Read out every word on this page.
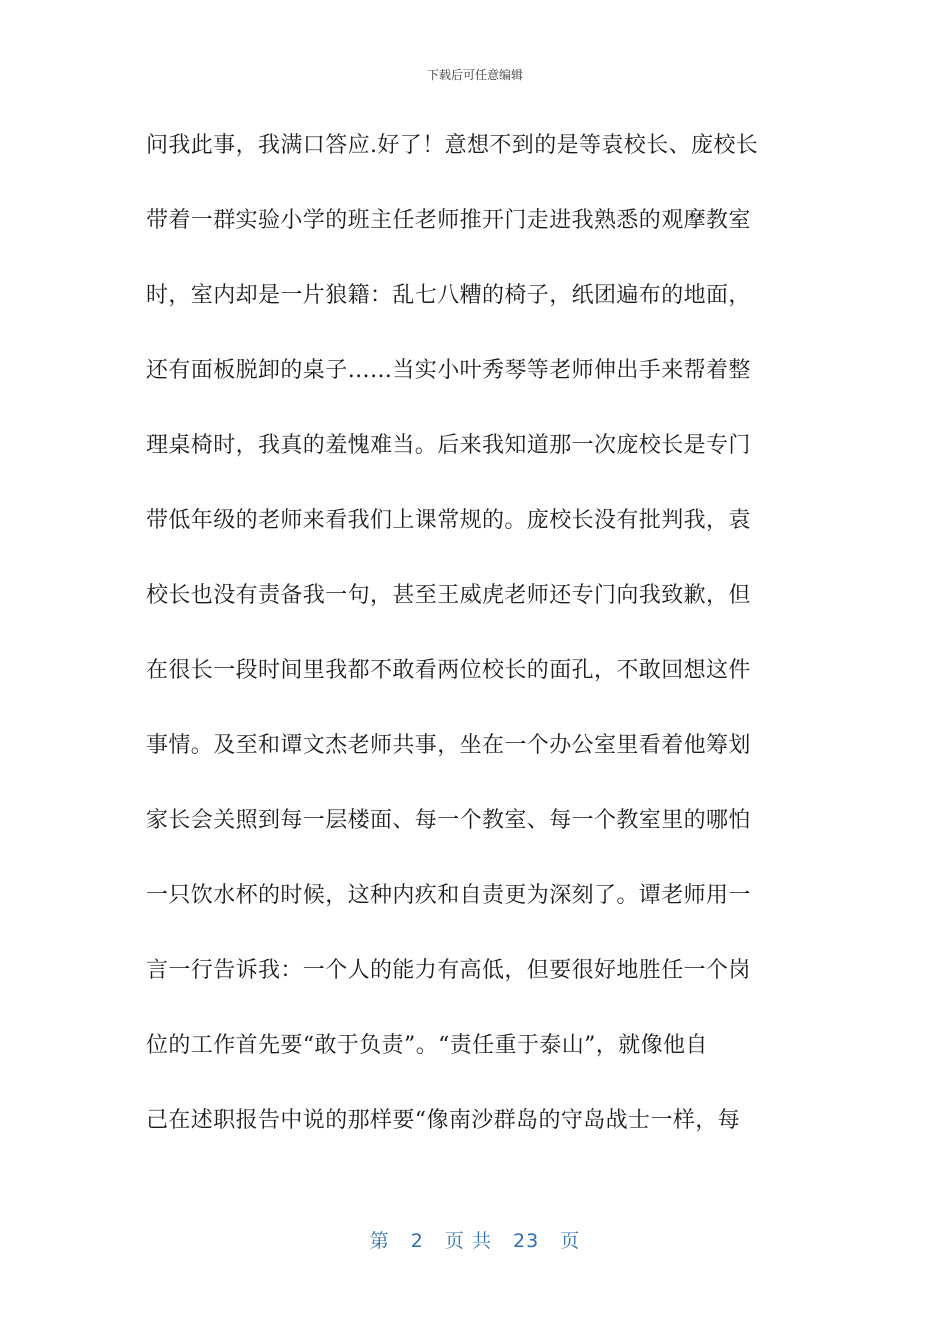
下载后可任意编辑
问我此事，我满口答应.好了！意想不到的是等袁校长、庞校长
带着一群实验小学的班主任老师推开门走进我熟悉的观摩教室
时，室内却是一片狼籍：乱七八糟的椅子，纸团遍布的地面，
还有面板脱卸的桌子……当实小叶秀琴等老师伸出手来帮着整
理桌椅时，我真的羞愧难当。后来我知道那一次庞校长是专门
带低年级的老师来看我们上课常规的。庞校长没有批判我，袁
校长也没有责备我一句，甚至王威虎老师还专门向我致歉，但
在很长一段时间里我都不敢看两位校长的面孔，不敢回想这件
事情。及至和谭文杰老师共事，坐在一个办公室里看着他筹划
家长会关照到每一层楼面、每一个教室、每一个教室里的哪怕
一只饮水杯的时候，这种内疚和自责更为深刻了。谭老师用一
言一行告诉我：一个人的能力有高低，但要很好地胜任一个岗
位的工作首先要“敢于负责”。“责任重于泰山”，就像他自
己在述职报告中说的那样要“像南沙群岛的守岛战士一样，每
第 2 页 共 23 页
